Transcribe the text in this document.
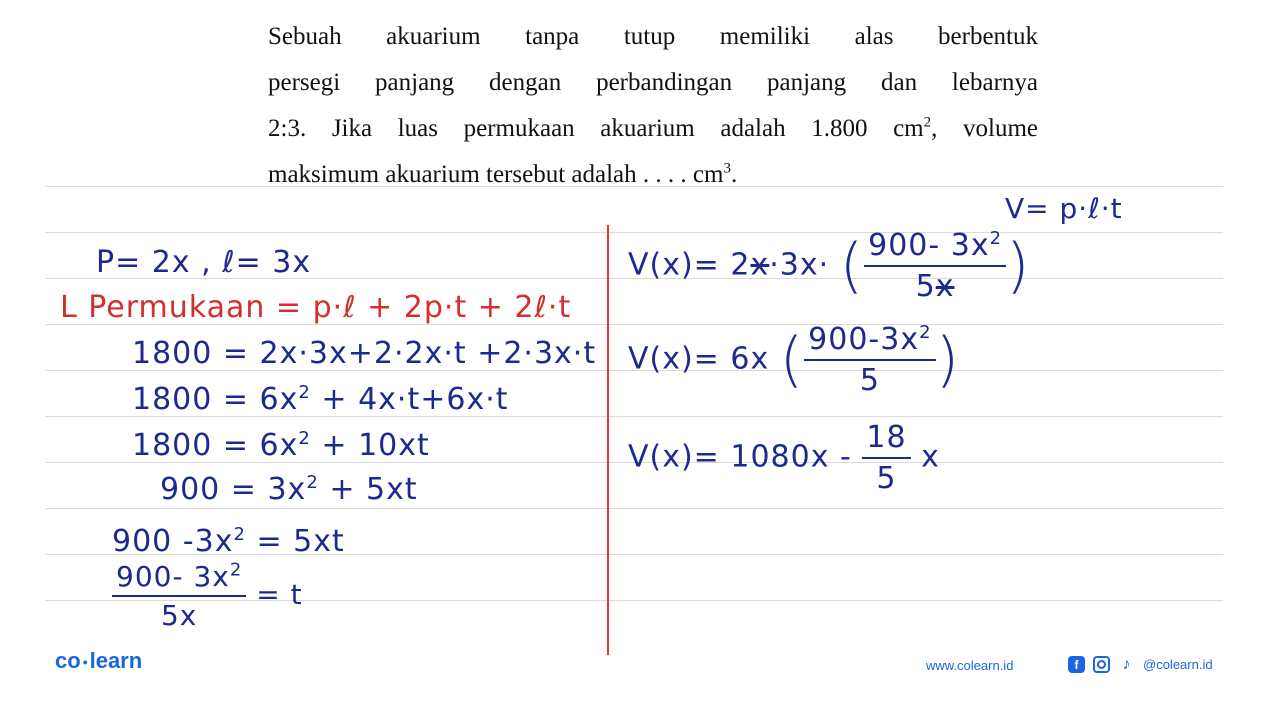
Sebuah akuarium tanpa tutup memiliki alas berbentuk
persegi panjang dengan perbandingan panjang dan lebarnya
2:3. Jika luas permukaan akuarium adalah 1.800 $cm^2$, volume
maksimum akuarium tersebut adalah . . . . $cm^3$.
V= p·ℓ·t
P= 2x , ℓ= 3x
L Permukaan = p·ℓ + 2p·t + 2ℓ·t
1800 = 2x·3x+2·2x·t +2·3x·t
$1800 = 6x^2 + 4x\cdot t+6x\cdot t$
$1800 = 6x^2 + 10xt$
$900 = 3x^2 + 5xt$
900 $-3x^2 = 5xt$
$\frac{900- 3x^2}{5x} = t$
V(x)= 2x·3x· ( $\frac{900- 3x^2}{5x}$ )
V(x)= 6x ( $\frac{900-3x^2}{5}$ )
$V(x)= 1080x - \frac{18}{5}$ x
co •learn	www.colearn.id	f	♪ @colearn.id
